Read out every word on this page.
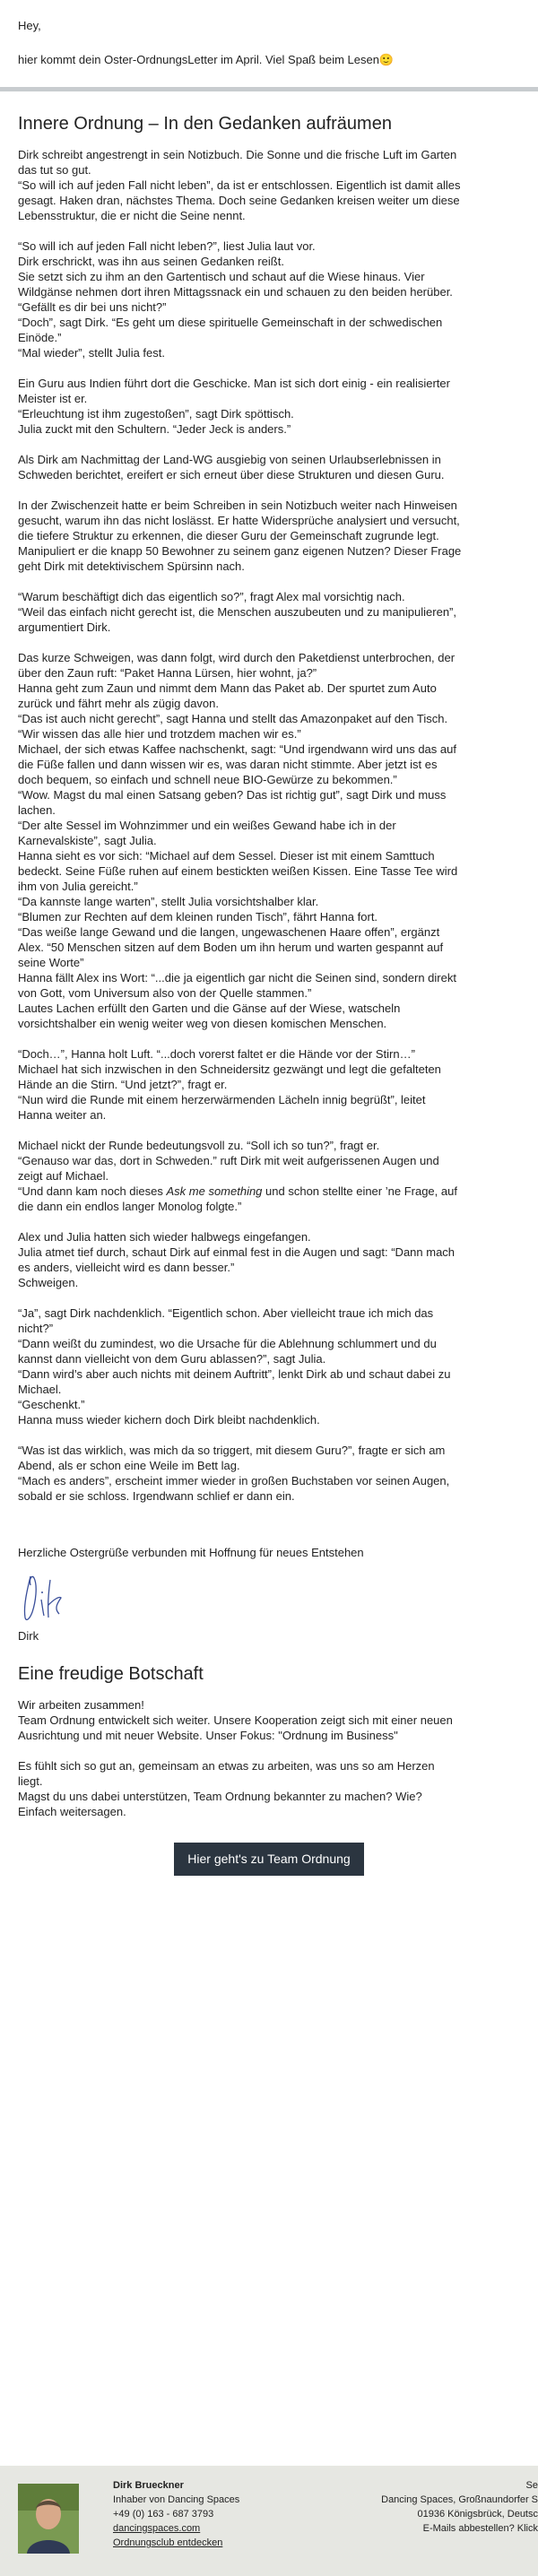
Hey,

hier kommt dein Oster-OrdnungsLetter im April. Viel Spaß beim Lesen🙂

Innere Ordnung – In den Gedanken aufräumen
Dirk schreibt angestrengt in sein Notizbuch. Die Sonne und die frische Luft im Garten
das tut so gut.
“So will ich auf jeden Fall nicht leben”, da ist er entschlossen. Eigentlich ist damit alles
gesagt. Haken dran, nächstes Thema. Doch seine Gedanken kreisen weiter um diese
Lebensstruktur, die er nicht die Seine nennt.
“So will ich auf jeden Fall nicht leben?”, liest Julia laut vor.
Dirk erschrickt, was ihn aus seinen Gedanken reißt.
Sie setzt sich zu ihm an den Gartentisch und schaut auf die Wiese hinaus. Vier
Wildgänse nehmen dort ihren Mittagssnack ein und schauen zu den beiden herüber.
“Gefällt es dir bei uns nicht?”
“Doch”, sagt Dirk. “Es geht um diese spirituelle Gemeinschaft in der schwedischen
Einöde.”
“Mal wieder”, stellt Julia fest.
Ein Guru aus Indien führt dort die Geschicke. Man ist sich dort einig - ein realisierter
Meister ist er.
“Erleuchtung ist ihm zugestoßen”, sagt Dirk spöttisch.
Julia zuckt mit den Schultern. “Jeder Jeck is anders.”
Als Dirk am Nachmittag der Land-WG ausgiebig von seinen Urlaubserlebnissen in
Schweden berichtet, ereifert er sich erneut über diese Strukturen und diesen Guru.
In der Zwischenzeit hatte er beim Schreiben in sein Notizbuch weiter nach Hinweisen
gesucht, warum ihn das nicht loslässt. Er hatte Widersprüche analysiert und versucht,
die tiefere Struktur zu erkennen, die dieser Guru der Gemeinschaft zugrunde legt.
Manipuliert er die knapp 50 Bewohner zu seinem ganz eigenen Nutzen? Dieser Frage
geht Dirk mit detektivischem Spürsinn nach.
“Warum beschäftigt dich das eigentlich so?”, fragt Alex mal vorsichtig nach.
“Weil das einfach nicht gerecht ist, die Menschen auszubeuten und zu manipulieren”,
argumentiert Dirk.
Das kurze Schweigen, was dann folgt, wird durch den Paketdienst unterbrochen, der
über den Zaun ruft: “Paket Hanna Lürsen, hier wohnt, ja?”
Hanna geht zum Zaun und nimmt dem Mann das Paket ab. Der spurtet zum Auto
zurück und fährt mehr als zügig davon.
“Das ist auch nicht gerecht”, sagt Hanna und stellt das Amazonpaket auf den Tisch.
“Wir wissen das alle hier und trotzdem machen wir es.”
Michael, der sich etwas Kaffee nachschenkt, sagt: “Und irgendwann wird uns das auf
die Füße fallen und dann wissen wir es, was daran nicht stimmte. Aber jetzt ist es
doch bequem, so einfach und schnell neue BIO-Gewürze zu bekommen.”
“Wow. Magst du mal einen Satsang geben? Das ist richtig gut”, sagt Dirk und muss
lachen.
“Der alte Sessel im Wohnzimmer und ein weißes Gewand habe ich in der
Karnevalskiste”, sagt Julia.
Hanna sieht es vor sich: “Michael auf dem Sessel. Dieser ist mit einem Samttuch
bedeckt. Seine Füße ruhen auf einem bestickten weißen Kissen. Eine Tasse Tee wird
ihm von Julia gereicht.”
“Da kannste lange warten”, stellt Julia vorsichtshalber klar.
“Blumen zur Rechten auf dem kleinen runden Tisch”, fährt Hanna fort.
“Das weiße lange Gewand und die langen, ungewaschenen Haare offen”, ergänzt
Alex. “50 Menschen sitzen auf dem Boden um ihn herum und warten gespannt auf
seine Worte”
Hanna fällt Alex ins Wort: “...die ja eigentlich gar nicht die Seinen sind, sondern direkt
von Gott, vom Universum also von der Quelle stammen.”
Lautes Lachen erfüllt den Garten und die Gänse auf der Wiese, watscheln
vorsichtshalber ein wenig weiter weg von diesen komischen Menschen.
“Doch…”, Hanna holt Luft. “...doch vorerst faltet er die Hände vor der Stirn…”
Michael hat sich inzwischen in den Schneidersitz gezwängt und legt die gefalteten
Hände an die Stirn. “Und jetzt?”, fragt er.
“Nun wird die Runde mit einem herzerwärmenden Lächeln innig begrüßt”, leitet
Hanna weiter an.
Michael nickt der Runde bedeutungsvoll zu. “Soll ich so tun?”, fragt er.
“Genauso war das, dort in Schweden.” ruft Dirk mit weit aufgerissenen Augen und
zeigt auf Michael.
“Und dann kam noch dieses Ask me something und schon stellte einer ’ne Frage, auf
die dann ein endlos langer Monolog folgte.”
Alex und Julia hatten sich wieder halbwegs eingefangen.
Julia atmet tief durch, schaut Dirk auf einmal fest in die Augen und sagt: “Dann mach
es anders, vielleicht wird es dann besser.”
Schweigen.
“Ja”, sagt Dirk nachdenklich. “Eigentlich schon. Aber vielleicht traue ich mich das
nicht?”
“Dann weißt du zumindest, wo die Ursache für die Ablehnung schlummert und du
kannst dann vielleicht von dem Guru ablassen?”, sagt Julia.
“Dann wird’s aber auch nichts mit deinem Auftritt”, lenkt Dirk ab und schaut dabei zu
Michael.
“Geschenkt.”
Hanna muss wieder kichern doch Dirk bleibt nachdenklich.
“Was ist das wirklich, was mich da so triggert, mit diesem Guru?”, fragte er sich am
Abend, als er schon eine Weile im Bett lag.
“Mach es anders”, erscheint immer wieder in großen Buchstaben vor seinen Augen,
sobald er sie schloss. Irgendwann schlief er dann ein.
Herzliche Ostergrüße verbunden mit Hoffnung für neues Entstehen
Dirk
Eine freudige Botschaft
Wir arbeiten zusammen!
Team Ordnung entwickelt sich weiter. Unsere Kooperation zeigt sich mit einer neuen
Ausrichtung und mit neuer Website. Unser Fokus: "Ordnung im Business"
Es fühlt sich so gut an, gemeinsam an etwas zu arbeiten, was uns so am Herzen
liegt.
Magst du uns dabei unterstützen, Team Ordnung bekannter zu machen? Wie?
Einfach weitersagen.
Hier geht's zu Team Ordnung
Dirk Brueckner
Inhaber von Dancing Spaces
+49 (0) 163 - 687 3793
dancingspaces.com
Ordnungsclub entdecken
Se
Dancing Spaces, Großnaundorfer S
01936 Königsbrück, Deutsc
E-Mails abbestellen? Klick
